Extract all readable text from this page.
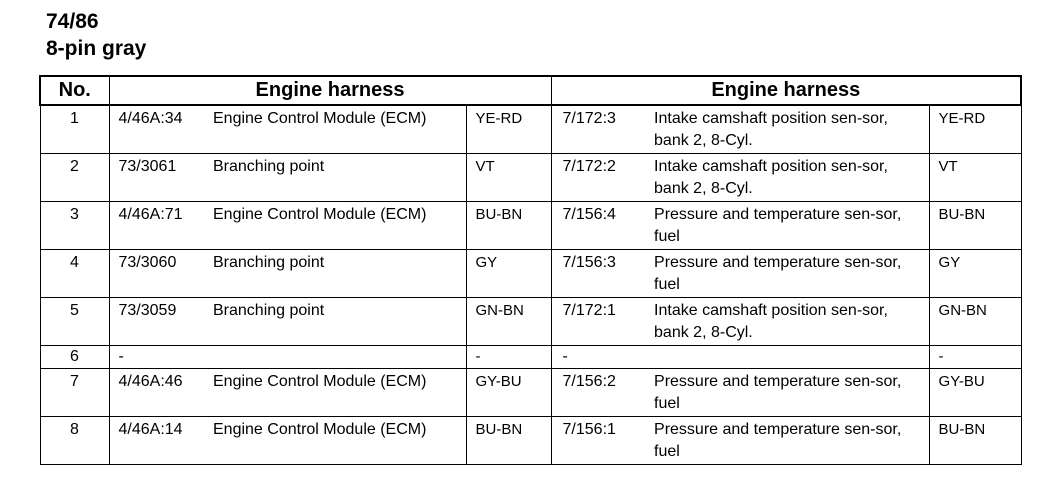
74/86
8-pin gray
No.	Engine harness			Engine harness		
1	4/46A:34	Engine Control Module (ECM)	YE-RD	7/172:3	Intake camshaft position sen-sor, bank 2, 8-Cyl.	YE-RD
2	73/3061	Branching point	VT	7/172:2	Intake camshaft position sen-sor, bank 2, 8-Cyl.	VT
3	4/46A:71	Engine Control Module (ECM)	BU-BN	7/156:4	Pressure and temperature sen-sor, fuel	BU-BN
4	73/3060	Branching point	GY	7/156:3	Pressure and temperature sen-sor, fuel	GY
5	73/3059	Branching point	GN-BN	7/172:1	Intake camshaft position sen-sor, bank 2, 8-Cyl.	GN-BN
6	-		-	-		-
7	4/46A:46	Engine Control Module (ECM)	GY-BU	7/156:2	Pressure and temperature sen-sor, fuel	GY-BU
8	4/46A:14	Engine Control Module (ECM)	BU-BN	7/156:1	Pressure and temperature sen-sor, fuel	BU-BN
